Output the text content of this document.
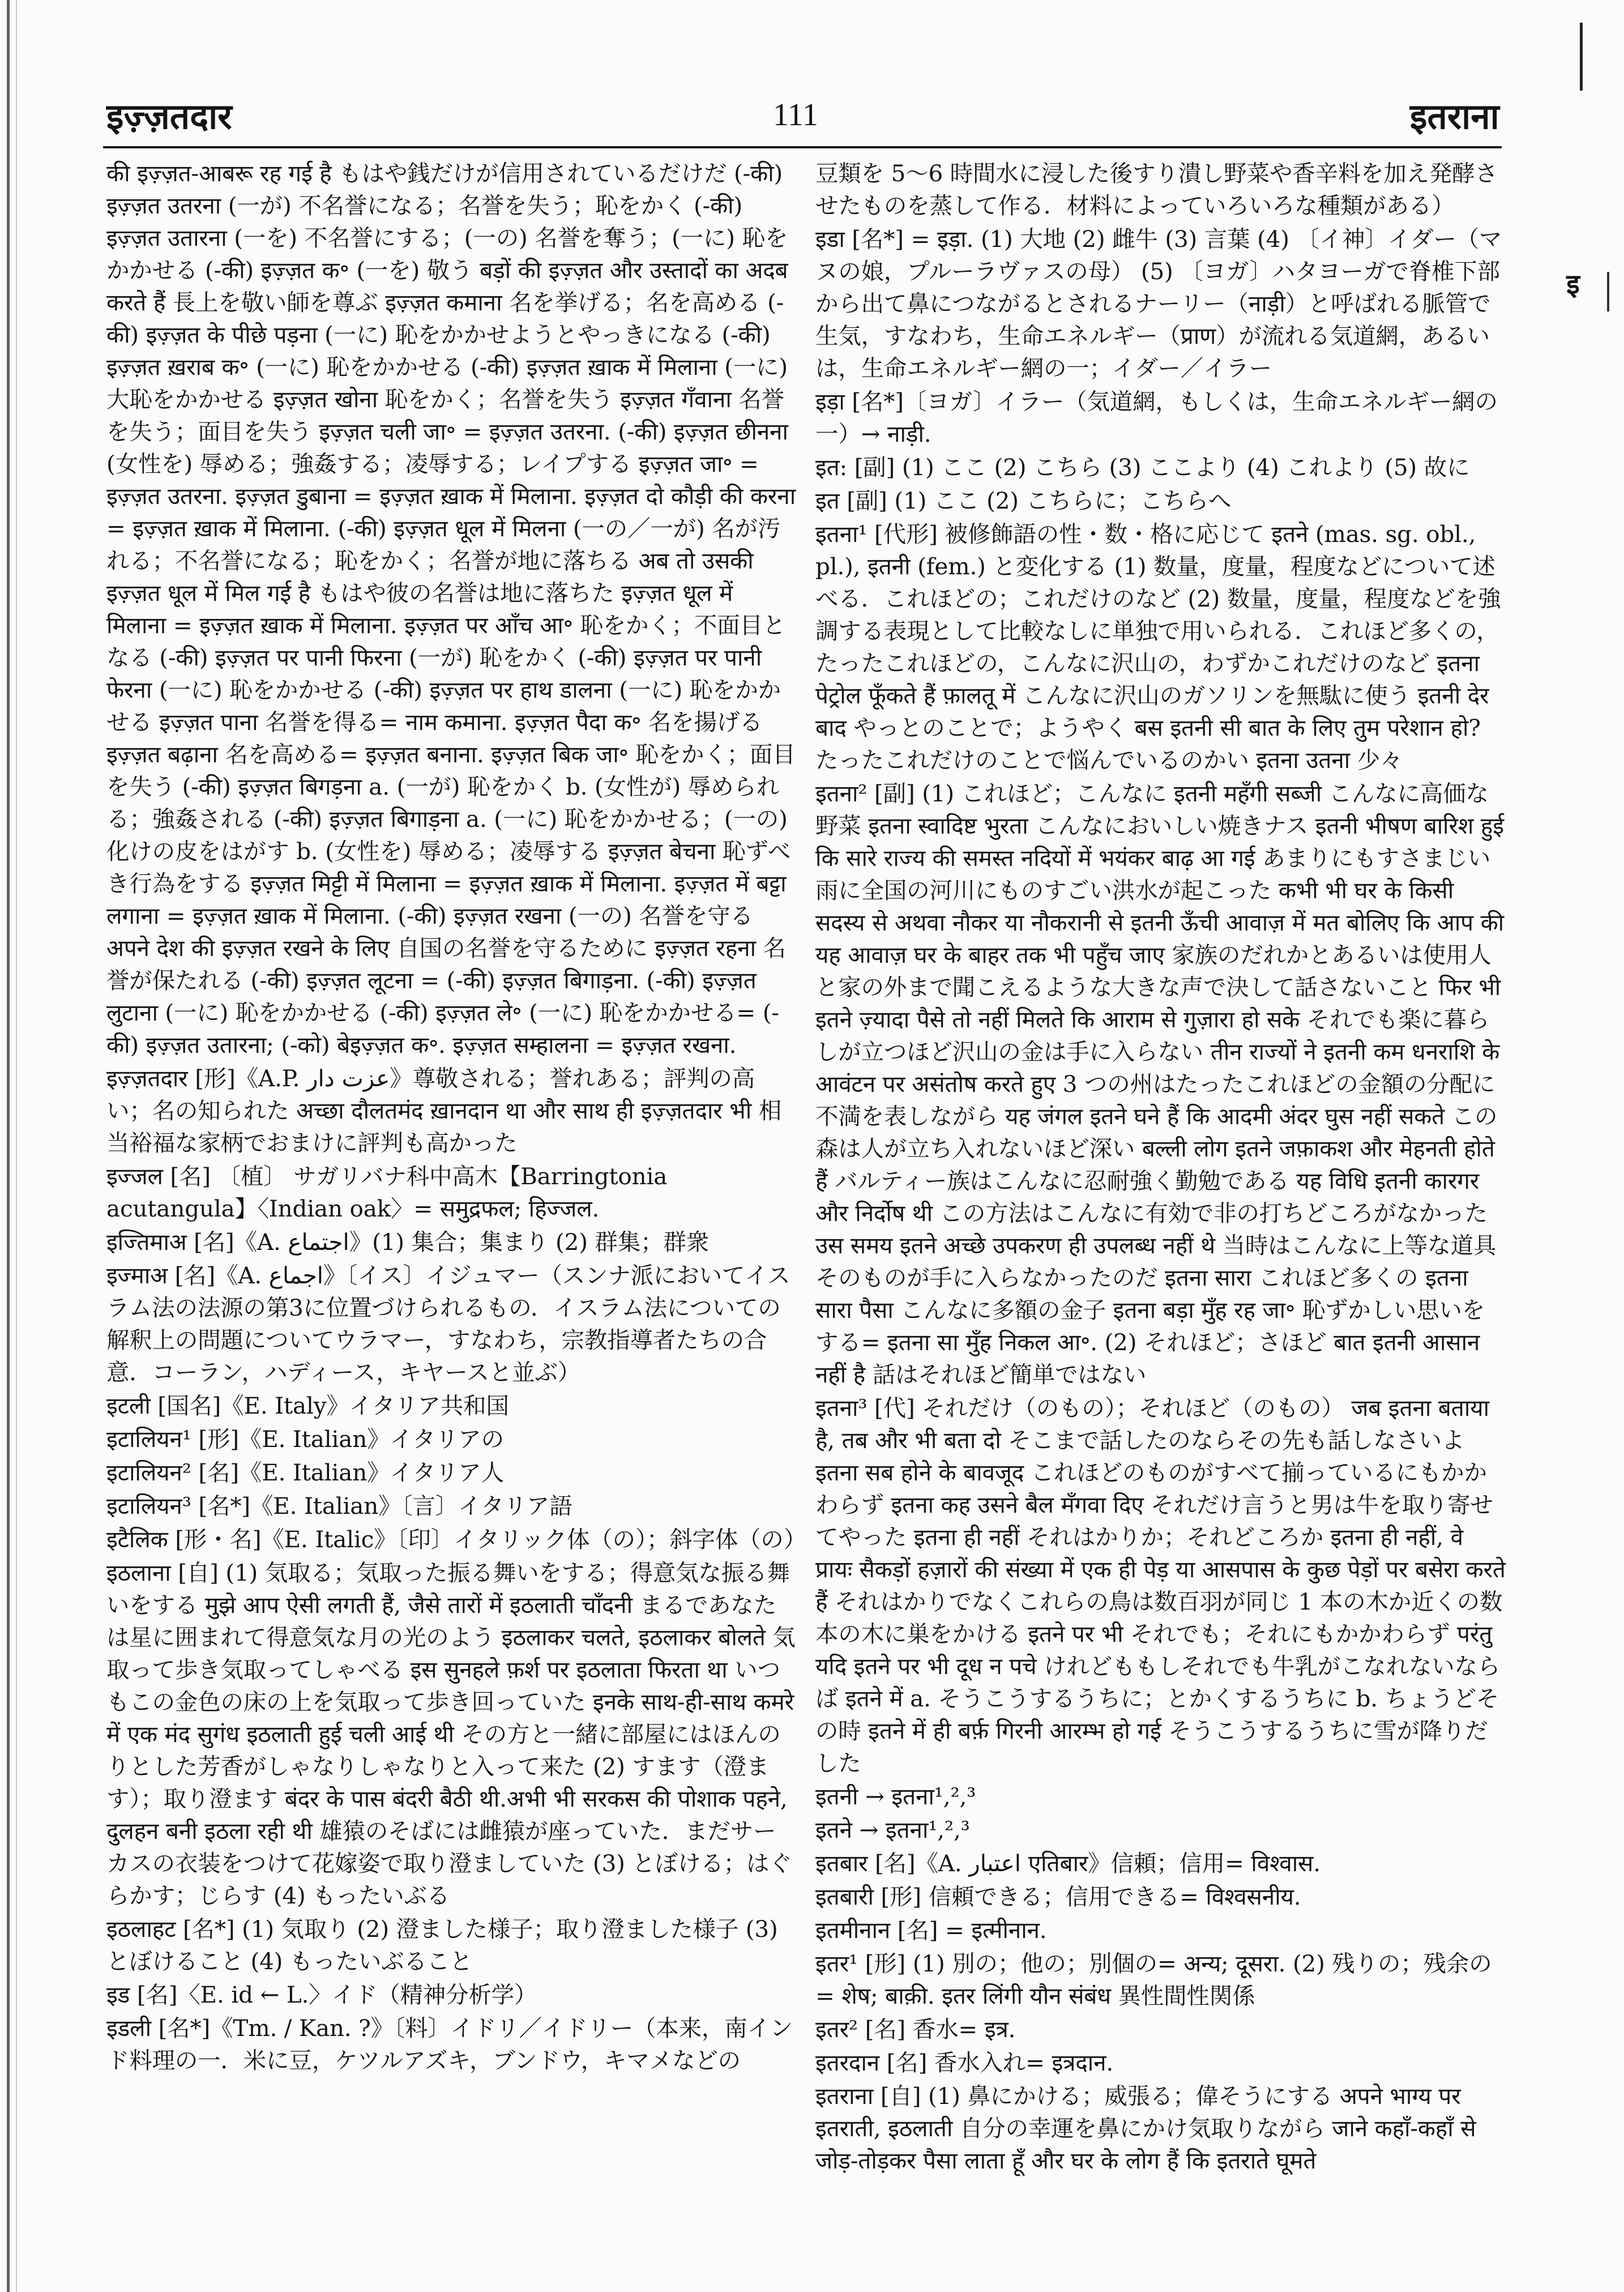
इ
इज़्ज़तदार	111	इतराना

की इज़्ज़त-आबरू रह गई है もはや銭だけが信用されているだけだ (-की) इज़्ज़त उतरना (一が) 不名誉になる；名誉を失う；恥をかく (-की) इज़्ज़त उतारना (一を) 不名誉にする；(一の) 名誉を奪う；(一に) 恥をかかせる (-की) इज़्ज़त क॰ (一を) 敬う बड़ों की इज़्ज़त और उस्तादों का अदब करते हैं 長上を敬い師を尊ぶ इज़्ज़त कमाना 名を挙げる；名を高める (-की) इज़्ज़त के पीछे पड़ना (一に) 恥をかかせようとやっきになる (-की) इज़्ज़त ख़राब क॰ (一に) 恥をかかせる (-की) इज़्ज़त ख़ाक में मिलाना (一に) 大恥をかかせる इज़्ज़त खोना 恥をかく；名誉を失う इज़्ज़त गँवाना 名誉を失う；面目を失う इज़्ज़त चली जा॰ = इज़्ज़त उतरना. (-की) इज़्ज़त छीनना (女性を) 辱める；強姦する；凌辱する；レイプする इज़्ज़त जा॰ = इज़्ज़त उतरना. इज़्ज़त डुबाना = इज़्ज़त ख़ाक में मिलाना. इज़्ज़त दो कौड़ी की करना = इज़्ज़त ख़ाक में मिलाना. (-की) इज़्ज़त धूल में मिलना (一の／一が) 名が汚れる；不名誉になる；恥をかく；名誉が地に落ちる अब तो उसकी इज़्ज़त धूल में मिल गई है もはや彼の名誉は地に落ちた इज़्ज़त धूल में मिलाना = इज़्ज़त ख़ाक में मिलाना. इज़्ज़त पर आँच आ॰ 恥をかく；不面目となる (-की) इज़्ज़त पर पानी फिरना (一が) 恥をかく (-की) इज़्ज़त पर पानी फेरना (一に) 恥をかかせる (-की) इज़्ज़त पर हाथ डालना (一に) 恥をかかせる इज़्ज़त पाना 名誉を得る= नाम कमाना. इज़्ज़त पैदा क॰ 名を揚げる इज़्ज़त बढ़ाना 名を高める= इज़्ज़त बनाना. इज़्ज़त बिक जा॰ 恥をかく；面目を失う (-की) इज़्ज़त बिगड़ना a. (一が) 恥をかく b. (女性が) 辱められる；強姦される (-की) इज़्ज़त बिगाड़ना a. (一に) 恥をかかせる；(一の) 化けの皮をはがす b. (女性を) 辱める；凌辱する इज़्ज़त बेचना 恥ずべき行為をする इज़्ज़त मिट्टी में मिलाना = इज़्ज़त ख़ाक में मिलाना. इज़्ज़त में बट्टा लगाना = इज़्ज़त ख़ाक में मिलाना. (-की) इज़्ज़त रखना (一の) 名誉を守る अपने देश की इज़्ज़त रखने के लिए 自国の名誉を守るために इज़्ज़त रहना 名誉が保たれる (-की) इज़्ज़त लूटना = (-की) इज़्ज़त बिगाड़ना. (-की) इज़्ज़त लुटाना (一に) 恥をかかせる (-की) इज़्ज़त ले॰ (一に) 恥をかかせる= (-की) इज़्ज़त उतारना; (-को) बेइज़्ज़त क॰. इज़्ज़त सम्हालना = इज़्ज़त रखना.

इज़्ज़तदार [形]《A.P. عزت دار》尊敬される；誉れある；評判の高い；名の知られた अच्छा दौलतमंद ख़ानदान था और साथ ही इज़्ज़तदार भी 相当裕福な家柄でおまけに評判も高かった

इज्जल [名] 〔植〕 サガリバナ科中高木【Barringtonia acutangula】〈Indian oak〉= समुद्रफल; हिज्जल.

इज्तिमाअ [名]《A. اجتماع》(1) 集合；集まり (2) 群集；群衆

इज्माअ [名]《A. اجماع》〔イス〕イジュマー（スンナ派においてイスラム法の法源の第3に位置づけられるもの．イスラム法についての解釈上の問題についてウラマー，すなわち，宗教指導者たちの合意．コーラン，ハディース，キヤースと並ぶ）

इटली [国名]《E. Italy》イタリア共和国

इटालियन¹ [形]《E. Italian》イタリアの

इटालियन² [名]《E. Italian》イタリア人

इटालियन³ [名*]《E. Italian》〔言〕イタリア語

इटैलिक [形・名]《E. Italic》〔印〕イタリック体（の）；斜字体（の）

इठलाना [自] (1) 気取る；気取った振る舞いをする；得意気な振る舞いをする मुझे आप ऐसी लगती हैं, जैसे तारों में इठलाती चाँदनी まるであなたは星に囲まれて得意気な月の光のよう इठलाकर चलते, इठलाकर बोलते 気取って歩き気取ってしゃべる इस सुनहले फ़र्श पर इठलाता फिरता था いつもこの金色の床の上を気取って歩き回っていた इनके साथ-ही-साथ कमरे में एक मंद सुगंध इठलाती हुई चली आई थी その方と一緒に部屋にはほんのりとした芳香がしゃなりしゃなりと入って来た (2) すます（澄ます）；取り澄ます बंदर के पास बंदरी बैठी थी.अभी भी सरकस की पोशाक पहने, दुलहन बनी इठला रही थी 雄猿のそばには雌猿が座っていた．まだサーカスの衣装をつけて花嫁姿で取り澄ましていた (3) とぼける；はぐらかす；じらす (4) もったいぶる

इठलाहट [名*] (1) 気取り (2) 澄ました様子；取り澄ました様子 (3) とぼけること (4) もったいぶること

इड [名]〈E. id ← L.〉イド（精神分析学）

इडली [名*]《Tm. / Kan. ?》〔料〕イドリ／イドリー（本来，南インド料理の一．米に豆，ケツルアズキ，ブンドウ，キマメなどの

豆類を 5〜6 時間水に浸した後すり潰し野菜や香辛料を加え発酵させたものを蒸して作る．材料によっていろいろな種類がある）

इडा [名*] = इड़ा. (1) 大地 (2) 雌牛 (3) 言葉 (4) 〔イ神〕イダー（マヌの娘，プルーラヴァスの母） (5) 〔ヨガ〕ハタヨーガで脊椎下部から出て鼻につながるとされるナーリー（नाड़ी）と呼ばれる脈管で生気，すなわち，生命エネルギー（प्राण）が流れる気道網，あるいは，生命エネルギー網の一；イダー／イラー

इड़ा [名*]〔ヨガ〕イラー（気道網，もしくは，生命エネルギー網の一）→ नाड़ी.

इत: [副] (1) ここ (2) こちら (3) ここより (4) これより (5) 故に

इत [副] (1) ここ (2) こちらに；こちらへ

इतना¹ [代形] 被修飾語の性・数・格に応じて इतने (mas. sg. obl., pl.), इतनी (fem.) と変化する (1) 数量，度量，程度などについて述べる．これほどの；これだけのなど (2) 数量，度量，程度などを強調する表現として比較なしに単独で用いられる．これほど多くの，たったこれほどの，こんなに沢山の，わずかこれだけのなど इतना पेट्रोल फूँकते हैं फ़ालतू में こんなに沢山のガソリンを無駄に使う इतनी देर बाद やっとのことで；ようやく बस इतनी सी बात के लिए तुम परेशान हो? たったこれだけのことで悩んでいるのかい इतना उतना 少々

इतना² [副] (1) これほど；こんなに इतनी महँगी सब्जी こんなに高価な野菜 इतना स्वादिष्ट भुरता こんなにおいしい焼きナス इतनी भीषण बारिश हुई कि सारे राज्य की समस्त नदियों में भयंकर बाढ़ आ गई あまりにもすさまじい雨に全国の河川にものすごい洪水が起こった कभी भी घर के किसी सदस्य से अथवा नौकर या नौकरानी से इतनी ऊँची आवाज़ में मत बोलिए कि आप की यह आवाज़ घर के बाहर तक भी पहुँच जाए 家族のだれかとあるいは使用人と家の外まで聞こえるような大きな声で決して話さないこと फिर भी इतने ज़्यादा पैसे तो नहीं मिलते कि आराम से गुज़ारा हो सके それでも楽に暮らしが立つほど沢山の金は手に入らない तीन राज्यों ने इतनी कम धनराशि के आवंटन पर असंतोष करते हुए 3 つの州はたったこれほどの金額の分配に不満を表しながら यह जंगल इतने घने हैं कि आदमी अंदर घुस नहीं सकते この森は人が立ち入れないほど深い बल्ली लोग इतने जफ़ाकश और मेहनती होते हैं バルティー族はこんなに忍耐強く勤勉である यह विधि इतनी कारगर और निर्दोष थी この方法はこんなに有効で非の打ちどころがなかった उस समय इतने अच्छे उपकरण ही उपलब्ध नहीं थे 当時はこんなに上等な道具そのものが手に入らなかったのだ इतना सारा これほど多くの इतना सारा पैसा こんなに多額の金子 इतना बड़ा मुँह रह जा॰ 恥ずかしい思いをする= इतना सा मुँह निकल आ॰. (2) それほど；さほど बात इतनी आसान नहीं है 話はそれほど簡単ではない

इतना³ [代] それだけ（のもの）；それほど（のもの） जब इतना बताया है, तब और भी बता दो そこまで話したのならその先も話しなさいよ इतना सब होने के बावजूद これほどのものがすべて揃っているにもかかわらず इतना कह उसने बैल मँगवा दिए それだけ言うと男は牛を取り寄せてやった इतना ही नहीं それはかりか；それどころか इतना ही नहीं, वे प्रायः सैकड़ों हज़ारों की संख्या में एक ही पेड़ या आसपास के कुछ पेड़ों पर बसेरा करते हैं それはかりでなくこれらの鳥は数百羽が同じ 1 本の木か近くの数本の木に巣をかける इतने पर भी それでも；それにもかかわらず परंतु यदि इतने पर भी दूध न पचे けれどももしそれでも牛乳がこなれないならば इतने में a. そうこうするうちに；とかくするうちに b. ちょうどその時 इतने में ही बर्फ़ गिरनी आरम्भ हो गई そうこうするうちに雪が降りだした

इतनी → इतना¹,²,³

इतने → इतना¹,²,³

इतबार [名]《A. اعتبار एतिबार》信頼；信用= विश्वास.

इतबारी [形] 信頼できる；信用できる= विश्वसनीय.

इतमीनान [名] = इत्मीनान.

इतर¹ [形] (1) 別の；他の；別個の= अन्य; दूसरा. (2) 残りの；残余の= शेष; बाक़ी. इतर लिंगी यौन संबंध 異性間性関係

इतर² [名] 香水= इत्र.

इतरदान [名] 香水入れ= इत्रदान.

इतराना [自] (1) 鼻にかける；威張る；偉そうにする अपने भाग्य पर इतराती, इठलाती 自分の幸運を鼻にかけ気取りながら जाने कहाँ-कहाँ से जोड़-तोड़कर पैसा लाता हूँ और घर के लोग हैं कि इतराते घूमते
